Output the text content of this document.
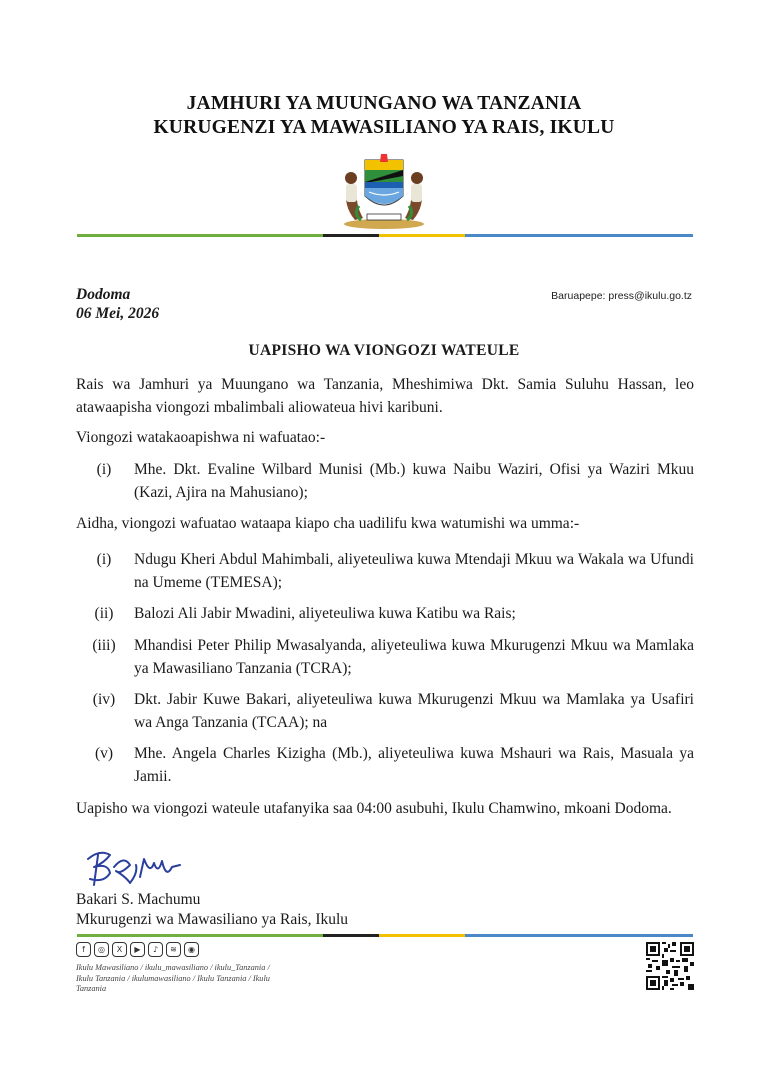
JAMHURI YA MUUNGANO WA TANZANIA
KURUGENZI YA MAWASILIANO YA RAIS, IKULU
Dodoma
06 Mei, 2026
Baruapepe: press@ikulu.go.tz
UAPISHO WA VIONGOZI WATEULE
Rais wa Jamhuri ya Muungano wa Tanzania, Mheshimiwa Dkt. Samia Suluhu Hassan, leo atawaapisha viongozi mbalimbali aliowateua hivi karibuni.
Viongozi watakaoapishwa ni wafuatao:-
(i)	Mhe. Dkt. Evaline Wilbard Munisi (Mb.) kuwa Naibu Waziri, Ofisi ya Waziri Mkuu (Kazi, Ajira na Mahusiano);
Aidha, viongozi wafuatao wataapa kiapo cha uadilifu kwa watumishi wa umma:-
(i)	Ndugu Kheri Abdul Mahimbali, aliyeteuliwa kuwa Mtendaji Mkuu wa Wakala wa Ufundi na Umeme (TEMESA);
(ii)	Balozi Ali Jabir Mwadini, aliyeteuliwa kuwa Katibu wa Rais;
(iii)	Mhandisi Peter Philip Mwasalyanda, aliyeteuliwa kuwa Mkurugenzi Mkuu wa Mamlaka ya Mawasiliano Tanzania (TCRA);
(iv)	Dkt. Jabir Kuwe Bakari, aliyeteuliwa kuwa Mkurugenzi Mkuu wa Mamlaka ya Usafiri wa Anga Tanzania (TCAA); na
(v)	Mhe. Angela Charles Kizigha (Mb.), aliyeteuliwa kuwa Mshauri wa Rais, Masuala ya Jamii.
Uapisho wa viongozi wateule utafanyika saa 04:00 asubuhi, Ikulu Chamwino, mkoani Dodoma.
Bakari S. Machumu
Mkurugenzi wa Mawasiliano ya Rais, Ikulu
f	◎	X	▶	♪	≋	◉
Ikulu Mawasiliano / ikulu_mawasiliano / ikulu_Tanzania / Ikulu Tanzania / ikulumawasiliano / Ikulu Tanzania / Ikulu Tanzania
